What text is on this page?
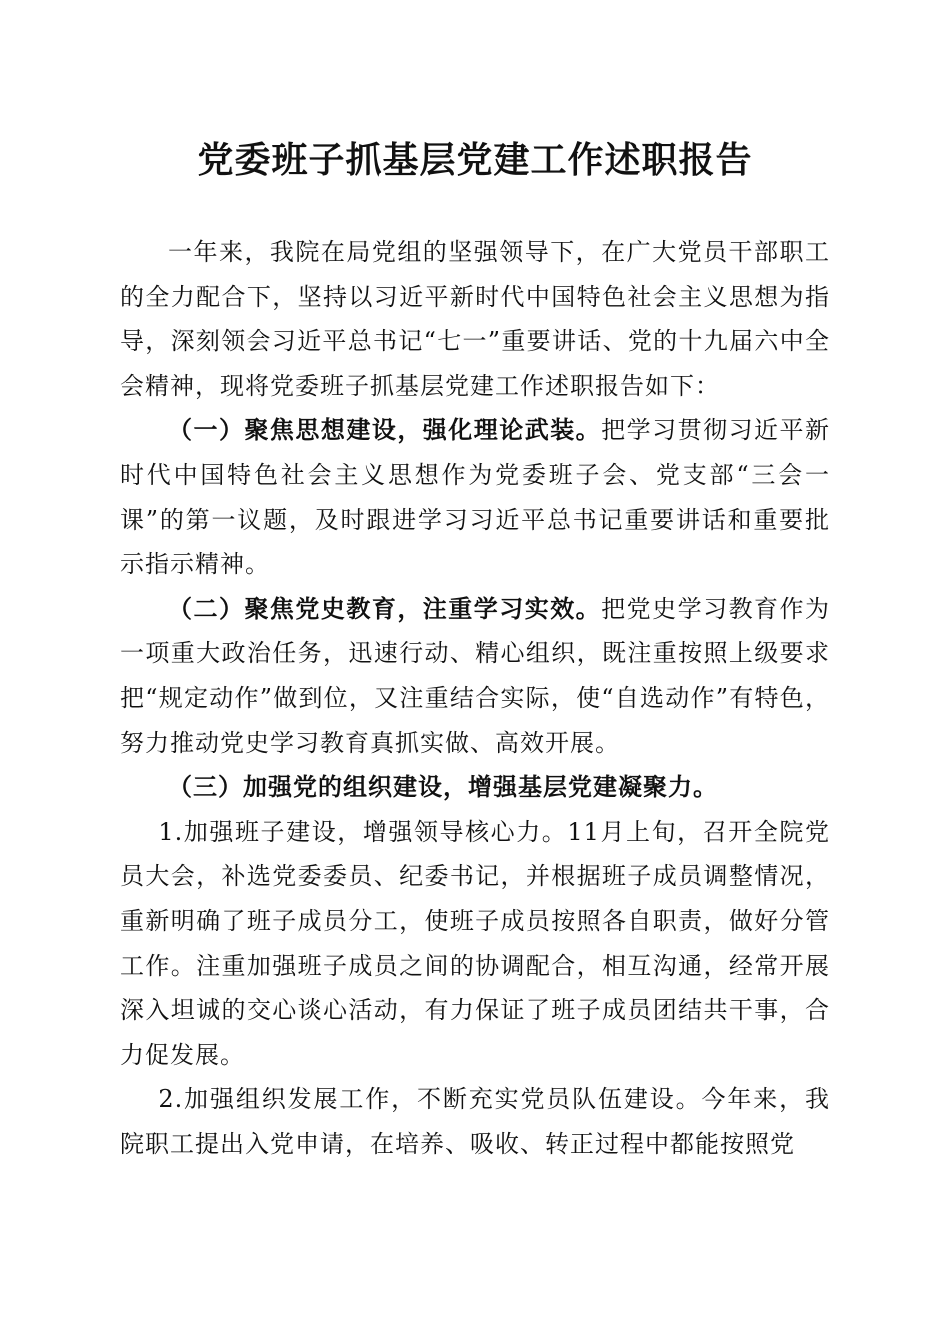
党委班子抓基层党建工作述职报告

一年来，我院在局党组的坚强领导下，在广大党员干部职工的全力配合下，坚持以习近平新时代中国特色社会主义思想为指导，深刻领会习近平总书记“七一”重要讲话、党的十九届六中全会精神，现将党委班子抓基层党建工作述职报告如下：

（一）聚焦思想建设，强化理论武装。把学习贯彻习近平新时代中国特色社会主义思想作为党委班子会、党支部“三会一课”的第一议题，及时跟进学习习近平总书记重要讲话和重要批示指示精神。

（二）聚焦党史教育，注重学习实效。把党史学习教育作为一项重大政治任务，迅速行动、精心组织，既注重按照上级要求把“规定动作”做到位，又注重结合实际，使“自选动作”有特色，努力推动党史学习教育真抓实做、高效开展。

（三）加强党的组织建设，增强基层党建凝聚力。

1.加强班子建设，增强领导核心力。11月上旬，召开全院党员大会，补选党委委员、纪委书记，并根据班子成员调整情况，重新明确了班子成员分工，使班子成员按照各自职责，做好分管工作。注重加强班子成员之间的协调配合，相互沟通，经常开展深入坦诚的交心谈心活动，有力保证了班子成员团结共干事，合力促发展。

2.加强组织发展工作，不断充实党员队伍建设。今年来，我院职工提出入党申请，在培养、吸收、转正过程中都能按照党
